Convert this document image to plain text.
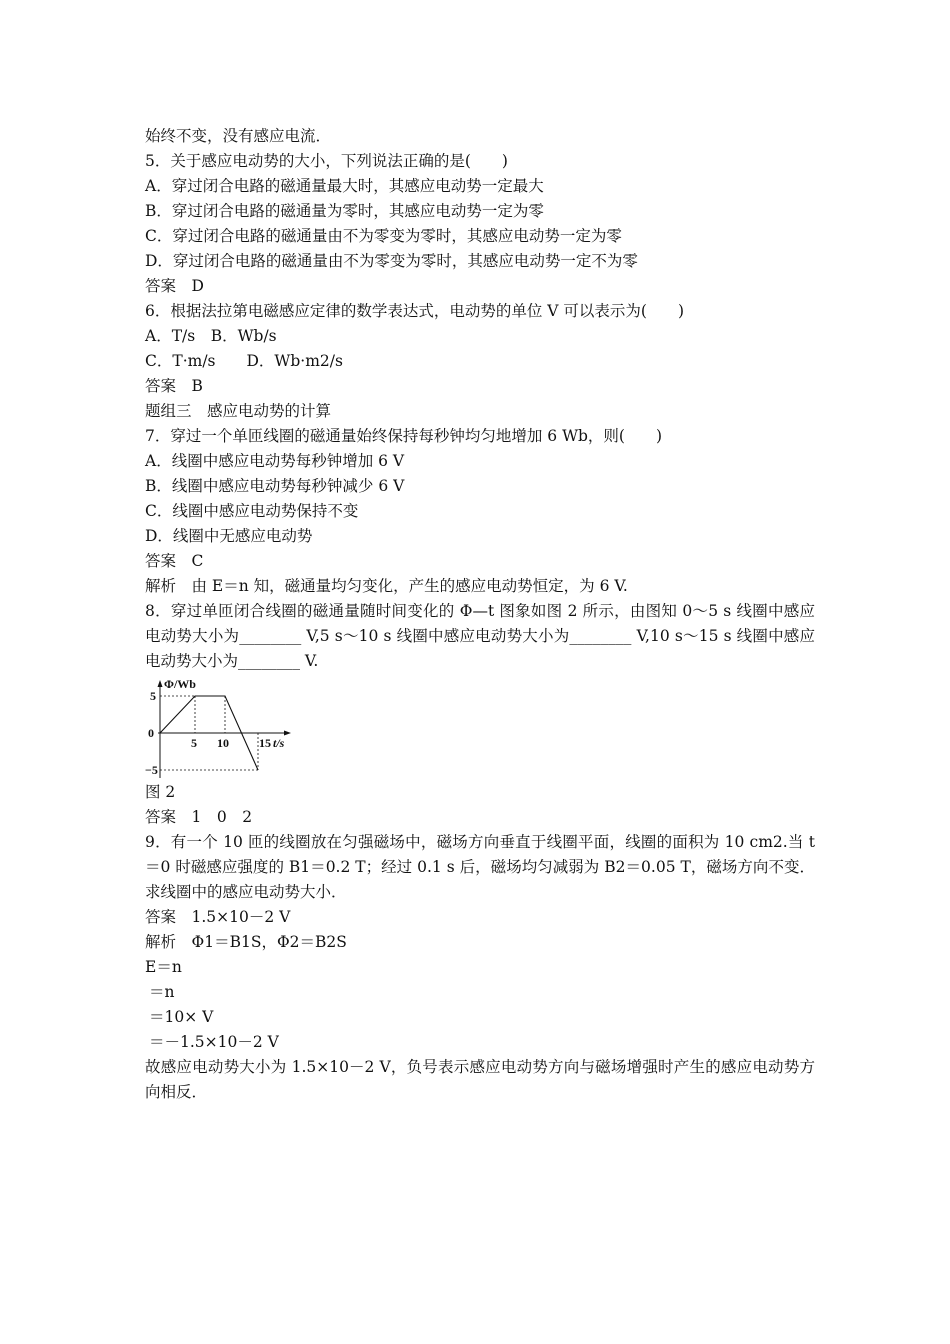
始终不变，没有感应电流．
5．关于感应电动势的大小，下列说法正确的是(　　)
A．穿过闭合电路的磁通量最大时，其感应电动势一定最大
B．穿过闭合电路的磁通量为零时，其感应电动势一定为零
C．穿过闭合电路的磁通量由不为零变为零时，其感应电动势一定为零
D．穿过闭合电路的磁通量由不为零变为零时，其感应电动势一定不为零
答案　D
6．根据法拉第电磁感应定律的数学表达式，电动势的单位 V 可以表示为(　　)
A．T/s　B．Wb/s
C．T·m/s　　D．Wb·m2/s
答案　B
题组三　感应电动势的计算
7．穿过一个单匝线圈的磁通量始终保持每秒钟均匀地增加 6 Wb，则(　　)
A．线圈中感应电动势每秒钟增加 6 V
B．线圈中感应电动势每秒钟减少 6 V
C．线圈中感应电动势保持不变
D．线圈中无感应电动势
答案　C
解析　由 E＝n 知，磁通量均匀变化，产生的感应电动势恒定，为 6 V.
8．穿过单匝闭合线圈的磁通量随时间变化的 Φ—t 图象如图 2 所示，由图知 0～5 s 线圈中感应电动势大小为________ V,5 s～10 s 线圈中感应电动势大小为________ V,10 s～15 s 线圈中感应电动势大小为________ V.
Φ/Wb
5
0
−5
5 10	15 t/s
图 2
答案　1　0　2
9．有一个 10 匝的线圈放在匀强磁场中，磁场方向垂直于线圈平面，线圈的面积为 10 cm2.当 t＝0 时磁感应强度的 B1＝0.2 T；经过 0.1 s 后，磁场均匀减弱为 B2＝0.05 T，磁场方向不变．求线圈中的感应电动势大小．
答案　1.5×10－2 V
解析　Φ1＝B1S，Φ2＝B2S
E＝n
＝n
＝10× V
＝－1.5×10－2 V
故感应电动势大小为 1.5×10－2 V，负号表示感应电动势方向与磁场增强时产生的感应电动势方向相反．
